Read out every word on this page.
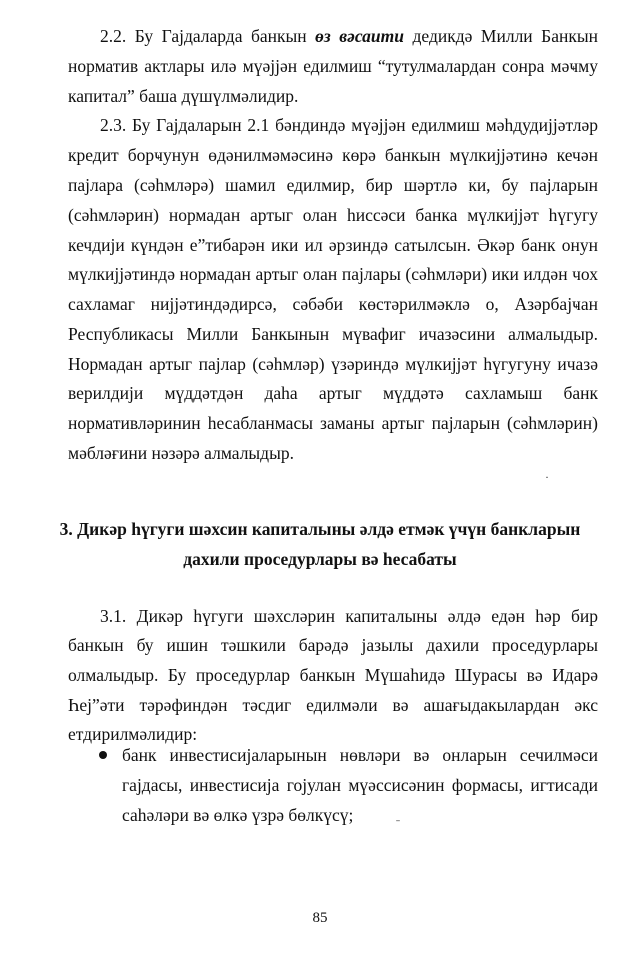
2.2. Бу Гајдаларда банкын өз вәсаити дедикдә Милли Банкын
норматив актлары илә мүәјјән едилмиш “тутулмалардан сонра мәҹму
капитал” баша дүшүлмәлидир.
2.3. Бу Гајдаларын 2.1 бәндиндә мүәјјән едилмиш мәһдудијјәтләр
кредит борҹунун өдәнилмәмәсинә көрә банкын мүлкијјәтинә кечән
пајлара (сәһмләрә) шамил едилмир, бир шәртлә ки, бу пајларын
(сәһмләрин) нормадан артыг олан һиссәси банка мүлкијјәт һүгугу
кечдији күндән е”тибарән ики ил әрзиндә сатылсын. Әкәр банк онун
мүлкијјәтиндә нормадан артыг олан пајлары (сәһмләри) ики илдән чох
сахламаг нијјәтиндәдирсә, сәбәби көстәрилмәклә о, Азәрбајҹан
Республикасы Милли Банкынын мүвафиг ичазәсини алмалыдыр.
Нормадан артыг пајлар (сәһмләр) үзәриндә мүлкијјәт һүгугуну ичазә
верилдији мүддәтдән даһа артыг мүддәтә сахламыш банк
нормативләринин һесабланмасы заманы артыг пајларын (сәһмләрин)
мәбләғини нәзәрә алмалыдыр.
·
3. Дикәр һүгуги шәхсин капиталыны әлдә етмәк үчүн банкларын
дахили проседурлары вә һесабаты
3.1. Дикәр һүгуги шәхсләрин капиталыны әлдә едән һәр бир
банкын бу ишин тәшкили барәдә јазылы дахили проседурлары
олмалыдыр. Бу проседурлар банкын Мүшаһидә Шурасы вә Идарә
Һеј”әти тәрәфиндән тәсдиг едилмәли вә ашағыдакылардан әкс
етдирилмәлидир:
банк инвестисијаларынын нөвләри вә онларын сечилмәси
гајдасы, инвестисија гојулан мүәссисәнин формасы, игтисади
саһәләри вә өлкә үзрә бөлкүсү;	˗
85
